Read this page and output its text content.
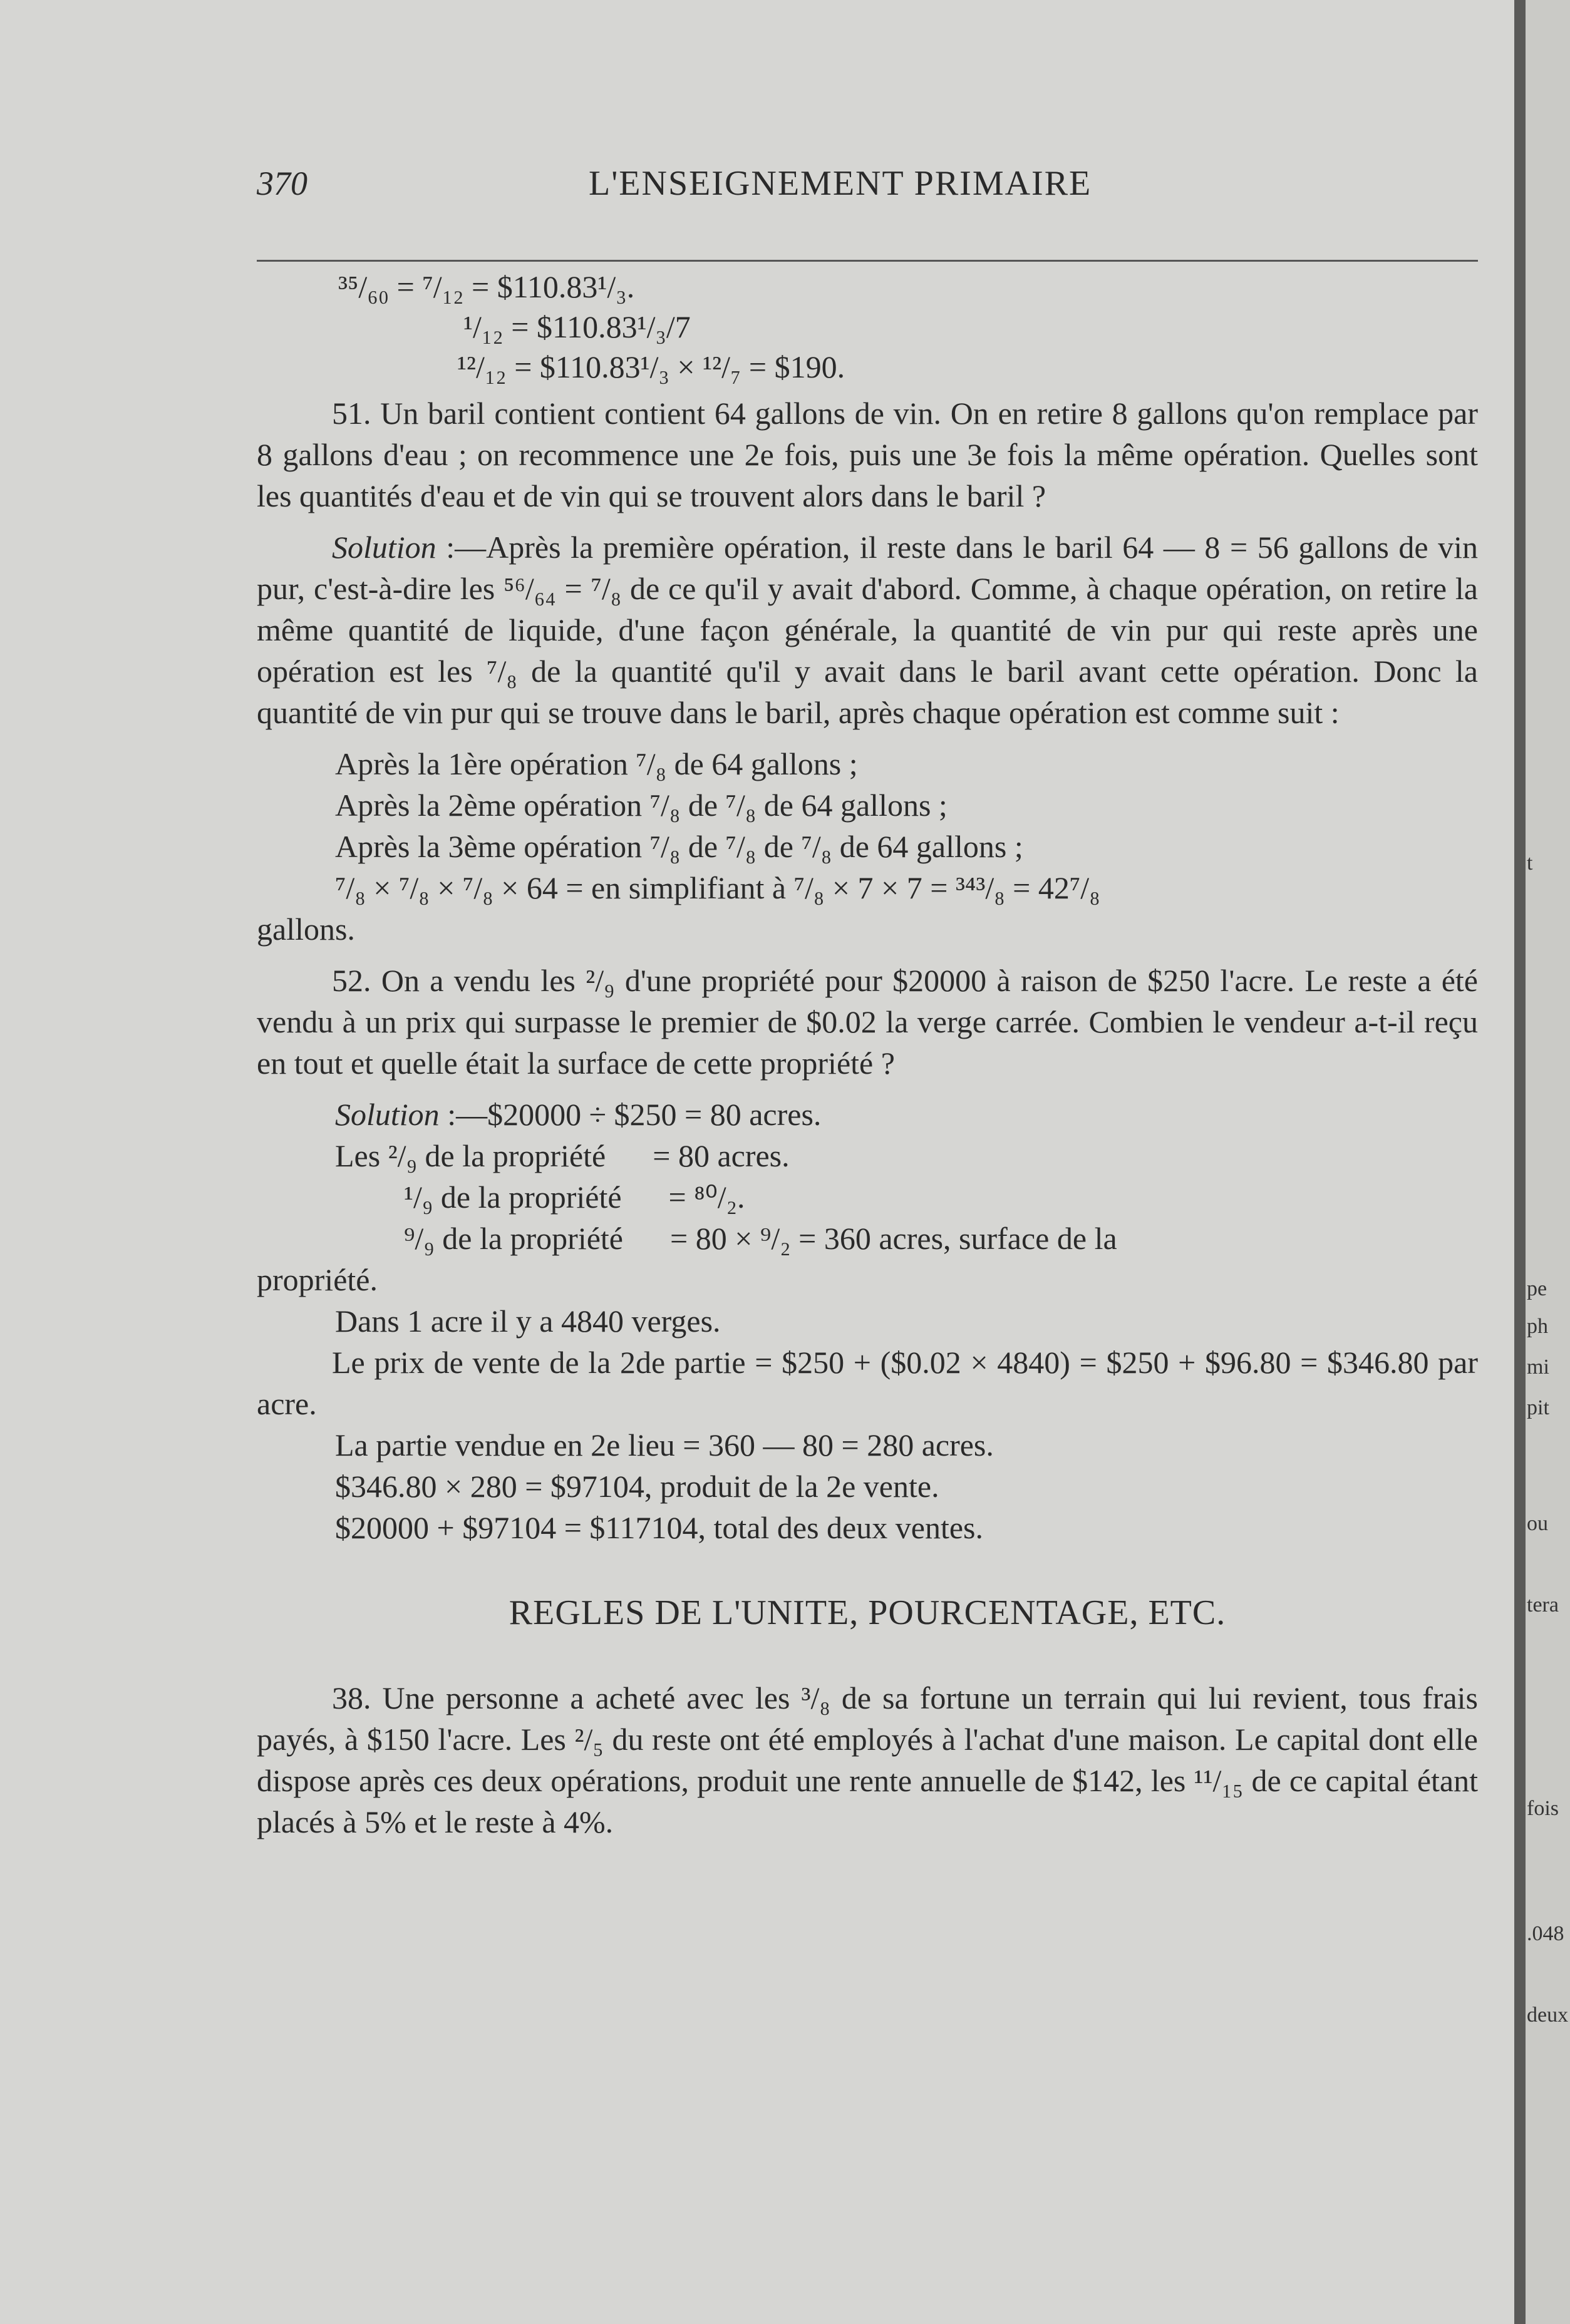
370	L'ENSEIGNEMENT PRIMAIRE
³⁵/₆₀ = ⁷/₁₂ = $110.83¹/₃.
¹/₁₂ = $110.83¹/₃/7
¹²/₁₂ = $110.83¹/₃ × ¹²/₇ = $190.

51. Un baril contient contient 64 gallons de vin. On en retire 8 gallons qu'on remplace par 8 gallons d'eau ; on recommence une 2e fois, puis une 3e fois la même opération. Quelles sont les quantités d'eau et de vin qui se trouvent alors dans le baril ?

Solution :—Après la première opération, il reste dans le baril 64 — 8 = 56 gallons de vin pur, c'est-à-dire les ⁵⁶/₆₄ = ⁷/₈ de ce qu'il y avait d'abord. Comme, à chaque opération, on retire la même quantité de liquide, d'une façon générale, la quantité de vin pur qui reste après une opération est les ⁷/₈ de la quantité qu'il y avait dans le baril avant cette opération. Donc la quantité de vin pur qui se trouve dans le baril, après chaque opération est comme suit :

Après la 1ère opération ⁷/₈ de 64 gallons ;
Après la 2ème opération ⁷/₈ de ⁷/₈ de 64 gallons ;
Après la 3ème opération ⁷/₈ de ⁷/₈ de ⁷/₈ de 64 gallons ;
⁷/₈ × ⁷/₈ × ⁷/₈ × 64 = en simplifiant à ⁷/₈ × 7 × 7 = ³⁴³/₈ = 42⁷/₈
gallons.

52. On a vendu les ²/₉ d'une propriété pour $20000 à raison de $250 l'acre. Le reste a été vendu à un prix qui surpasse le premier de $0.02 la verge carrée. Combien le vendeur a-t-il reçu en tout et quelle était la surface de cette propriété ?

Solution :—$20000 ÷ $250 = 80 acres.
Les ²/₉ de la propriété      = 80 acres.
¹/₉ de la propriété      = ⁸⁰/₂.
⁹/₉ de la propriété      = 80 × ⁹/₂ = 360 acres, surface de la
propriété.
Dans 1 acre il y a 4840 verges.

Le prix de vente de la 2de partie = $250 + ($0.02 × 4840) = $250 + $96.80 = $346.80 par acre.

La partie vendue en 2e lieu = 360 — 80 = 280 acres.
$346.80 × 280 = $97104, produit de la 2e vente.
$20000 + $97104 = $117104, total des deux ventes.
REGLES DE L'UNITE, POURCENTAGE, ETC.

38. Une personne a acheté avec les ³/₈ de sa fortune un terrain qui lui revient, tous frais payés, à $150 l'acre. Les ²/₅ du reste ont été employés à l'achat d'une maison. Le capital dont elle dispose après ces deux opérations, produit une rente annuelle de $142, les ¹¹/₁₅ de ce capital étant placés à 5% et le reste à 4%.

t
pe
ph
mi
pit
ou
tera
fois
.048
deux
